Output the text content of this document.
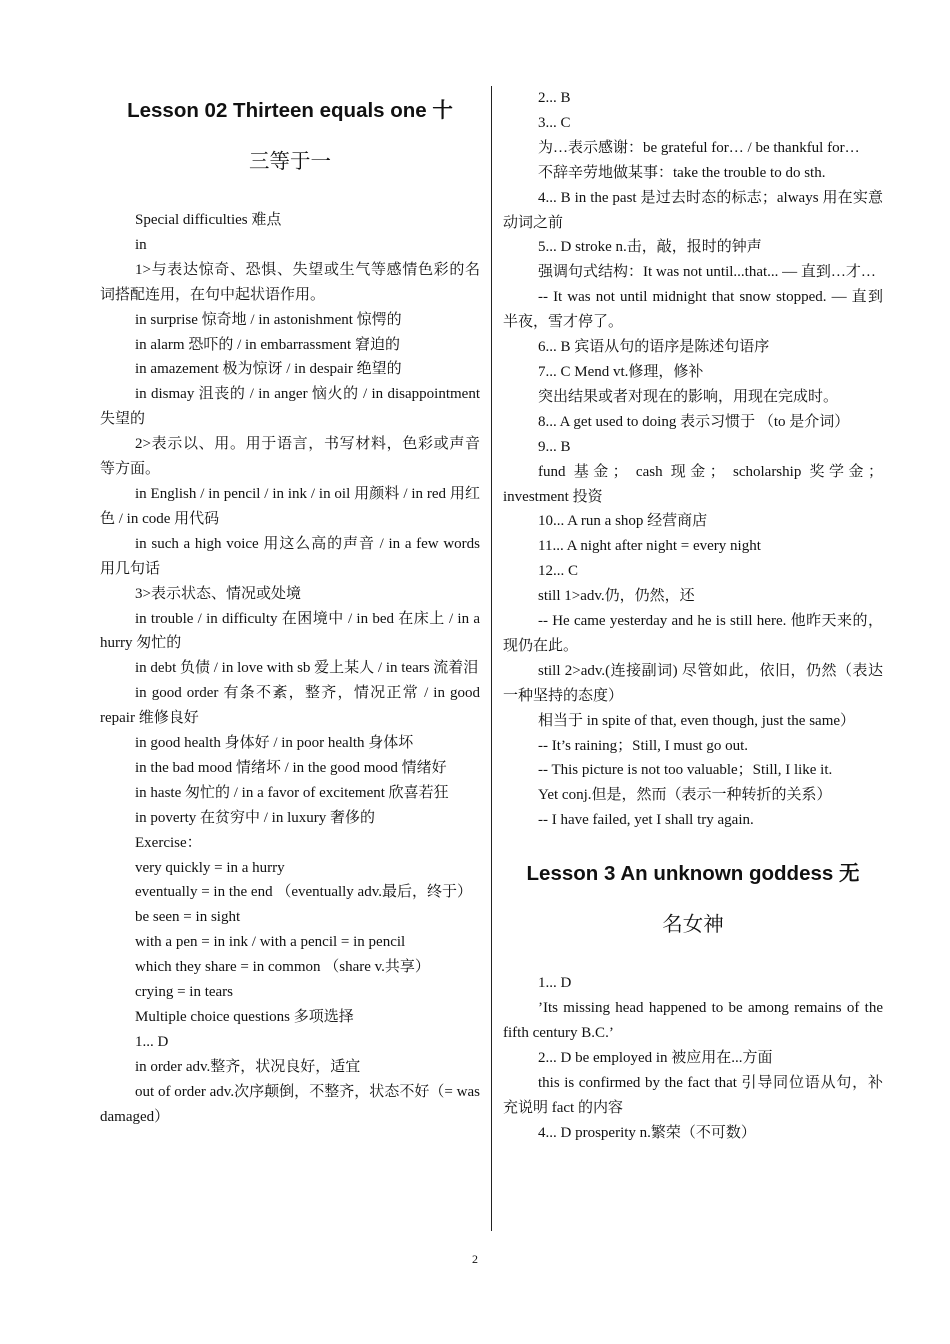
Lesson 02 Thirteen equals one 十
三等于一

Special difficulties 难点

in

1>与表达惊奇、恐惧、失望或生气等感情色彩的名词搭配连用，在句中起状语作用。

in surprise 惊奇地 / in astonishment 惊愕的

in alarm 恐吓的 / in embarrassment 窘迫的

in amazement 极为惊讶 / in despair 绝望的

in dismay 沮丧的 / in anger 恼火的 / in disappointment 失望的

2>表示以、用。用于语言，书写材料，色彩或声音等方面。

in English / in pencil / in ink / in oil 用颜料 / in red 用红色 / in code 用代码

in such a high voice 用这么高的声音 / in a few words 用几句话

3>表示状态、情况或处境

in trouble / in difficulty 在困境中 / in bed 在床上 / in a hurry 匆忙的

in debt 负债 / in love with sb 爱上某人 / in tears 流着泪

in good order 有条不紊，整齐，情况正常 / in good repair 维修良好

in good health 身体好 / in poor health 身体坏

in the bad mood 情绪坏 / in the good mood 情绪好

in haste 匆忙的 / in a favor of excitement 欣喜若狂

in poverty 在贫穷中 / in luxury 奢侈的

Exercise：

very quickly = in a hurry

eventually = in the end （eventually adv.最后，终于）

be seen = in sight

with a pen = in ink / with a pencil = in pencil

which they share = in common （share v.共享）

crying = in tears

Multiple choice questions 多项选择

1... D

in order adv.整齐，状况良好，适宜

out of order adv.次序颠倒，不整齐，状态不好（= was damaged）

2... B

3... C

为…表示感谢：be grateful for… / be thankful for…

不辞辛劳地做某事：take the trouble to do sth.

4... B in the past 是过去时态的标志；always 用在实意动词之前

5... D stroke n.击，敲，报时的钟声

强调句式结构：It was not until...that... — 直到…才…

-- It was not until midnight that snow stopped. — 直到半夜，雪才停了。

6... B 宾语从句的语序是陈述句语序

7... C Mend vt.修理，修补

突出结果或者对现在的影响，用现在完成时。

8... A get used to doing 表示习惯于 （to 是介词）

9... B

fund 基金； cash 现金； scholarship 奖学金；investment 投资

10... A run a shop 经营商店

11... A night after night = every night

12... C

still 1>adv.仍，仍然，还

-- He came yesterday and he is still here. 他昨天来的，现仍在此。

still 2>adv.(连接副词) 尽管如此，依旧，仍然（表达一种坚持的态度）

相当于 in spite of that, even though, just the same）

-- It’s raining；Still, I must go out.

-- This picture is not too valuable；Still, I like it.

Yet conj.但是，然而（表示一种转折的关系）

-- I have failed, yet I shall try again.

Lesson 3 An unknown goddess 无
名女神

1... D

’Its missing head happened to be among remains of the fifth century B.C.’

2... D be employed in 被应用在...方面

this is confirmed by the fact that 引导同位语从句，补充说明 fact 的内容

4... D prosperity n.繁荣（不可数）

2
